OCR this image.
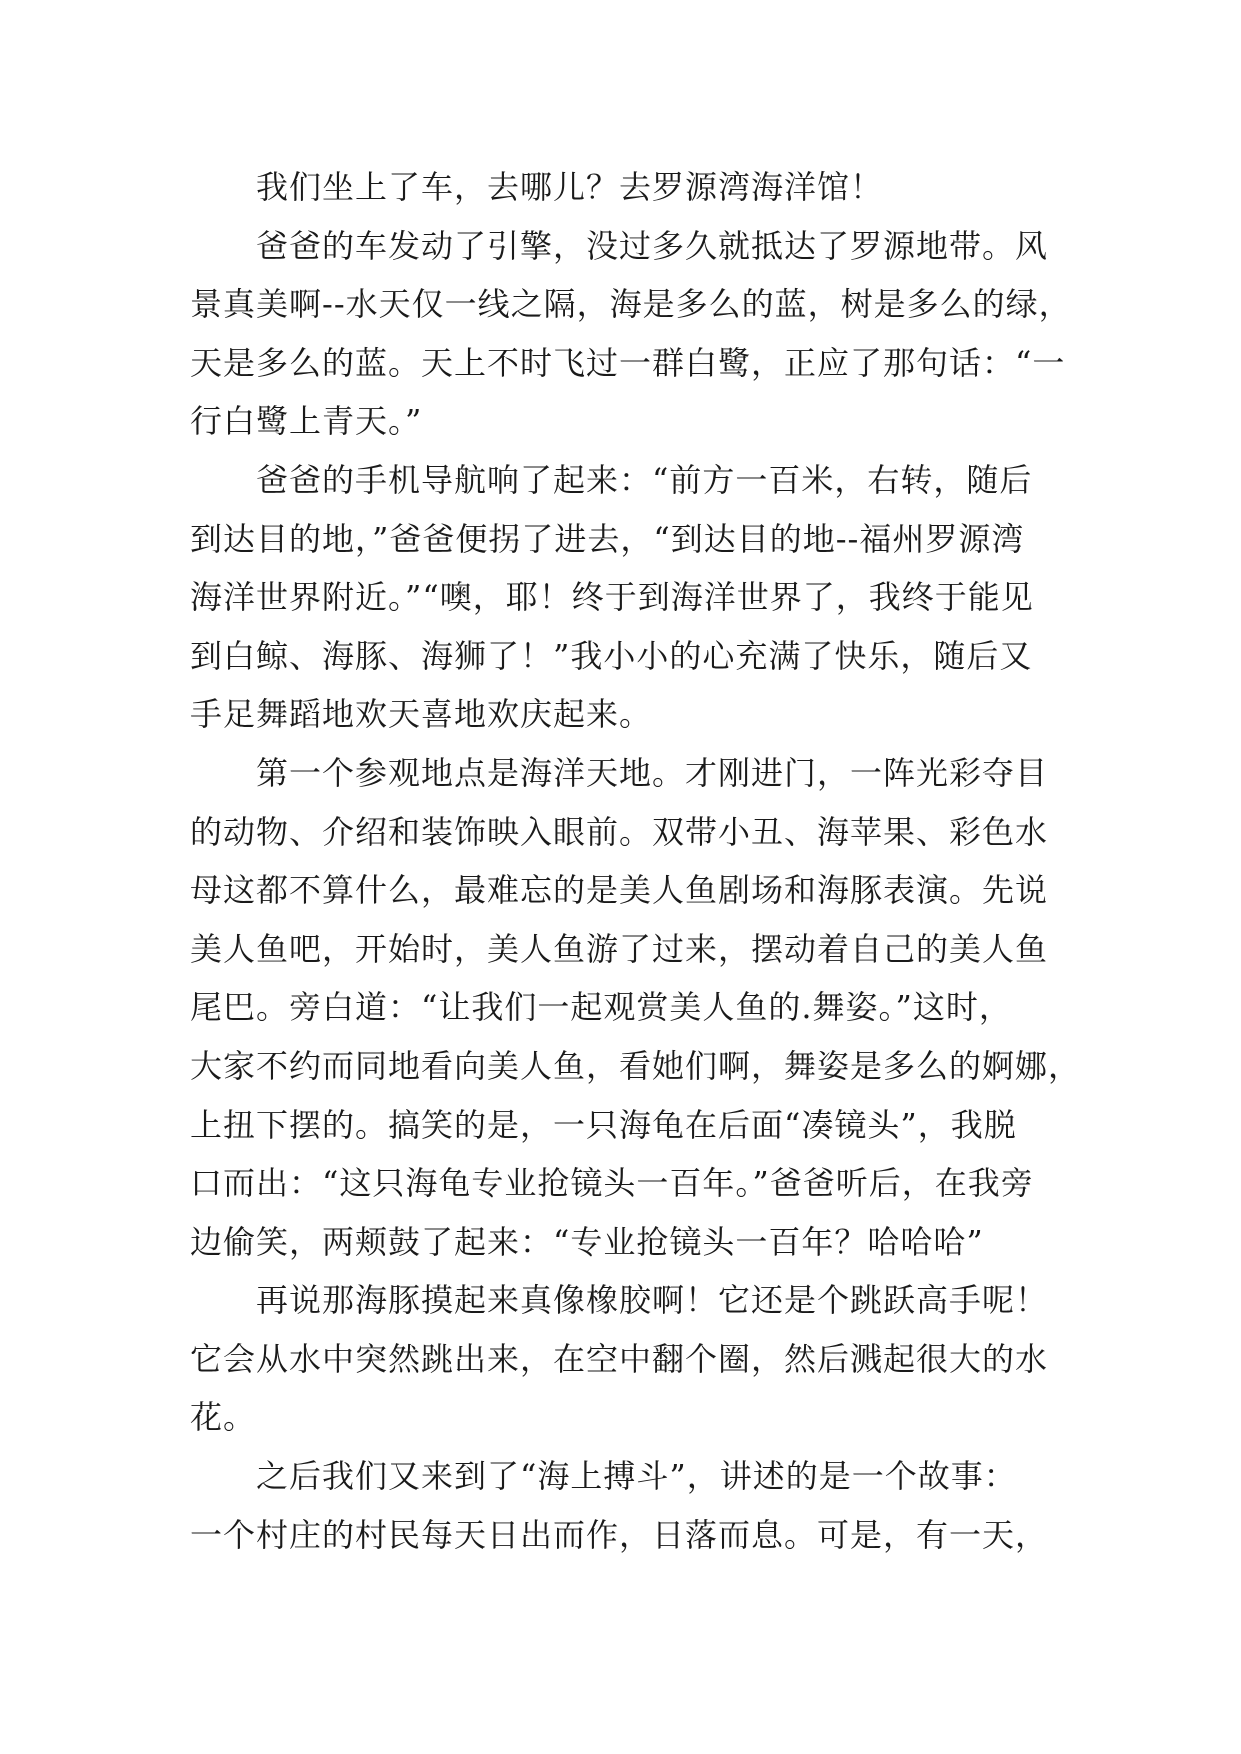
我们坐上了车，去哪儿？去罗源湾海洋馆！
爸爸的车发动了引擎，没过多久就抵达了罗源地带。风
景真美啊--水天仅一线之隔，海是多么的蓝，树是多么的绿，
天是多么的蓝。天上不时飞过一群白鹭，正应了那句话：“一
行白鹭上青天。”
爸爸的手机导航响了起来：“前方一百米，右转，随后
到达目的地，”爸爸便拐了进去，“到达目的地--福州罗源湾
海洋世界附近。”“噢，耶！终于到海洋世界了，我终于能见
到白鲸、海豚、海狮了！”我小小的心充满了快乐，随后又
手足舞蹈地欢天喜地欢庆起来。
第一个参观地点是海洋天地。才刚进门，一阵光彩夺目
的动物、介绍和装饰映入眼前。双带小丑、海苹果、彩色水
母这都不算什么，最难忘的是美人鱼剧场和海豚表演。先说
美人鱼吧，开始时，美人鱼游了过来，摆动着自己的美人鱼
尾巴。旁白道：“让我们一起观赏美人鱼的.舞姿。”这时，
大家不约而同地看向美人鱼，看她们啊，舞姿是多么的婀娜，
上扭下摆的。搞笑的是，一只海龟在后面“凑镜头”，我脱
口而出：“这只海龟专业抢镜头一百年。”爸爸听后，在我旁
边偷笑，两颊鼓了起来：“专业抢镜头一百年？哈哈哈”
再说那海豚摸起来真像橡胶啊！它还是个跳跃高手呢！
它会从水中突然跳出来，在空中翻个圈，然后溅起很大的水
花。
之后我们又来到了“海上搏斗”，讲述的是一个故事：
一个村庄的村民每天日出而作，日落而息。可是，有一天，
